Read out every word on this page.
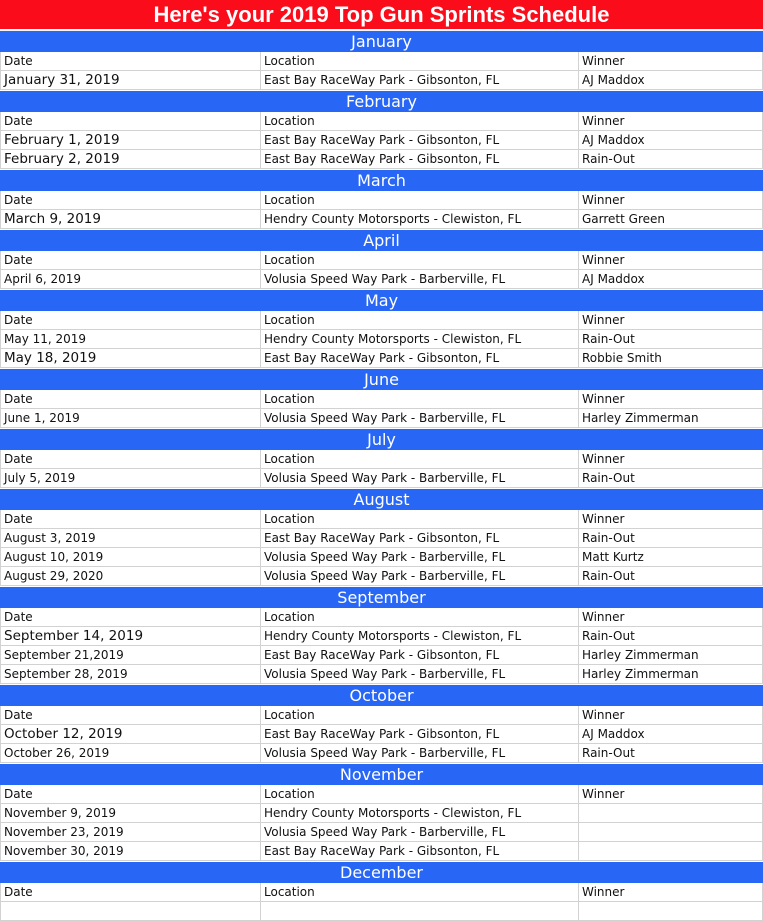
Here's your 2019 Top Gun Sprints Schedule
January
Date	Location	Winner
January 31, 2019	East Bay RaceWay Park - Gibsonton, FL	AJ Maddox
February
Date	Location	Winner
February 1, 2019	East Bay RaceWay Park - Gibsonton, FL	AJ Maddox
February 2, 2019	East Bay RaceWay Park - Gibsonton, FL	Rain-Out
March
Date	Location	Winner
March 9, 2019	Hendry County Motorsports - Clewiston, FL	Garrett Green
April
Date	Location	Winner
April 6, 2019	Volusia Speed Way Park - Barberville, FL	AJ Maddox
May
Date	Location	Winner
May 11, 2019	Hendry County Motorsports - Clewiston, FL	Rain-Out
May 18, 2019	East Bay RaceWay Park - Gibsonton, FL	Robbie Smith
June
Date	Location	Winner
June 1, 2019	Volusia Speed Way Park - Barberville, FL	Harley Zimmerman
July
Date	Location	Winner
July 5, 2019	Volusia Speed Way Park - Barberville, FL	Rain-Out
August
Date	Location	Winner
August 3, 2019	East Bay RaceWay Park - Gibsonton, FL	Rain-Out
August 10, 2019	Volusia Speed Way Park - Barberville, FL	Matt Kurtz
August 29, 2020	Volusia Speed Way Park - Barberville, FL	Rain-Out
September
Date	Location	Winner
September 14, 2019	Hendry County Motorsports - Clewiston, FL	Rain-Out
September 21,2019	East Bay RaceWay Park - Gibsonton, FL	Harley Zimmerman
September 28, 2019	Volusia Speed Way Park - Barberville, FL	Harley Zimmerman
October
Date	Location	Winner
October 12, 2019	East Bay RaceWay Park - Gibsonton, FL	AJ Maddox
October 26, 2019	Volusia Speed Way Park - Barberville, FL	Rain-Out
November
Date	Location	Winner
November 9, 2019	Hendry County Motorsports - Clewiston, FL
November 23, 2019	Volusia Speed Way Park - Barberville, FL
November 30, 2019	East Bay RaceWay Park - Gibsonton, FL
December
Date	Location	Winner
